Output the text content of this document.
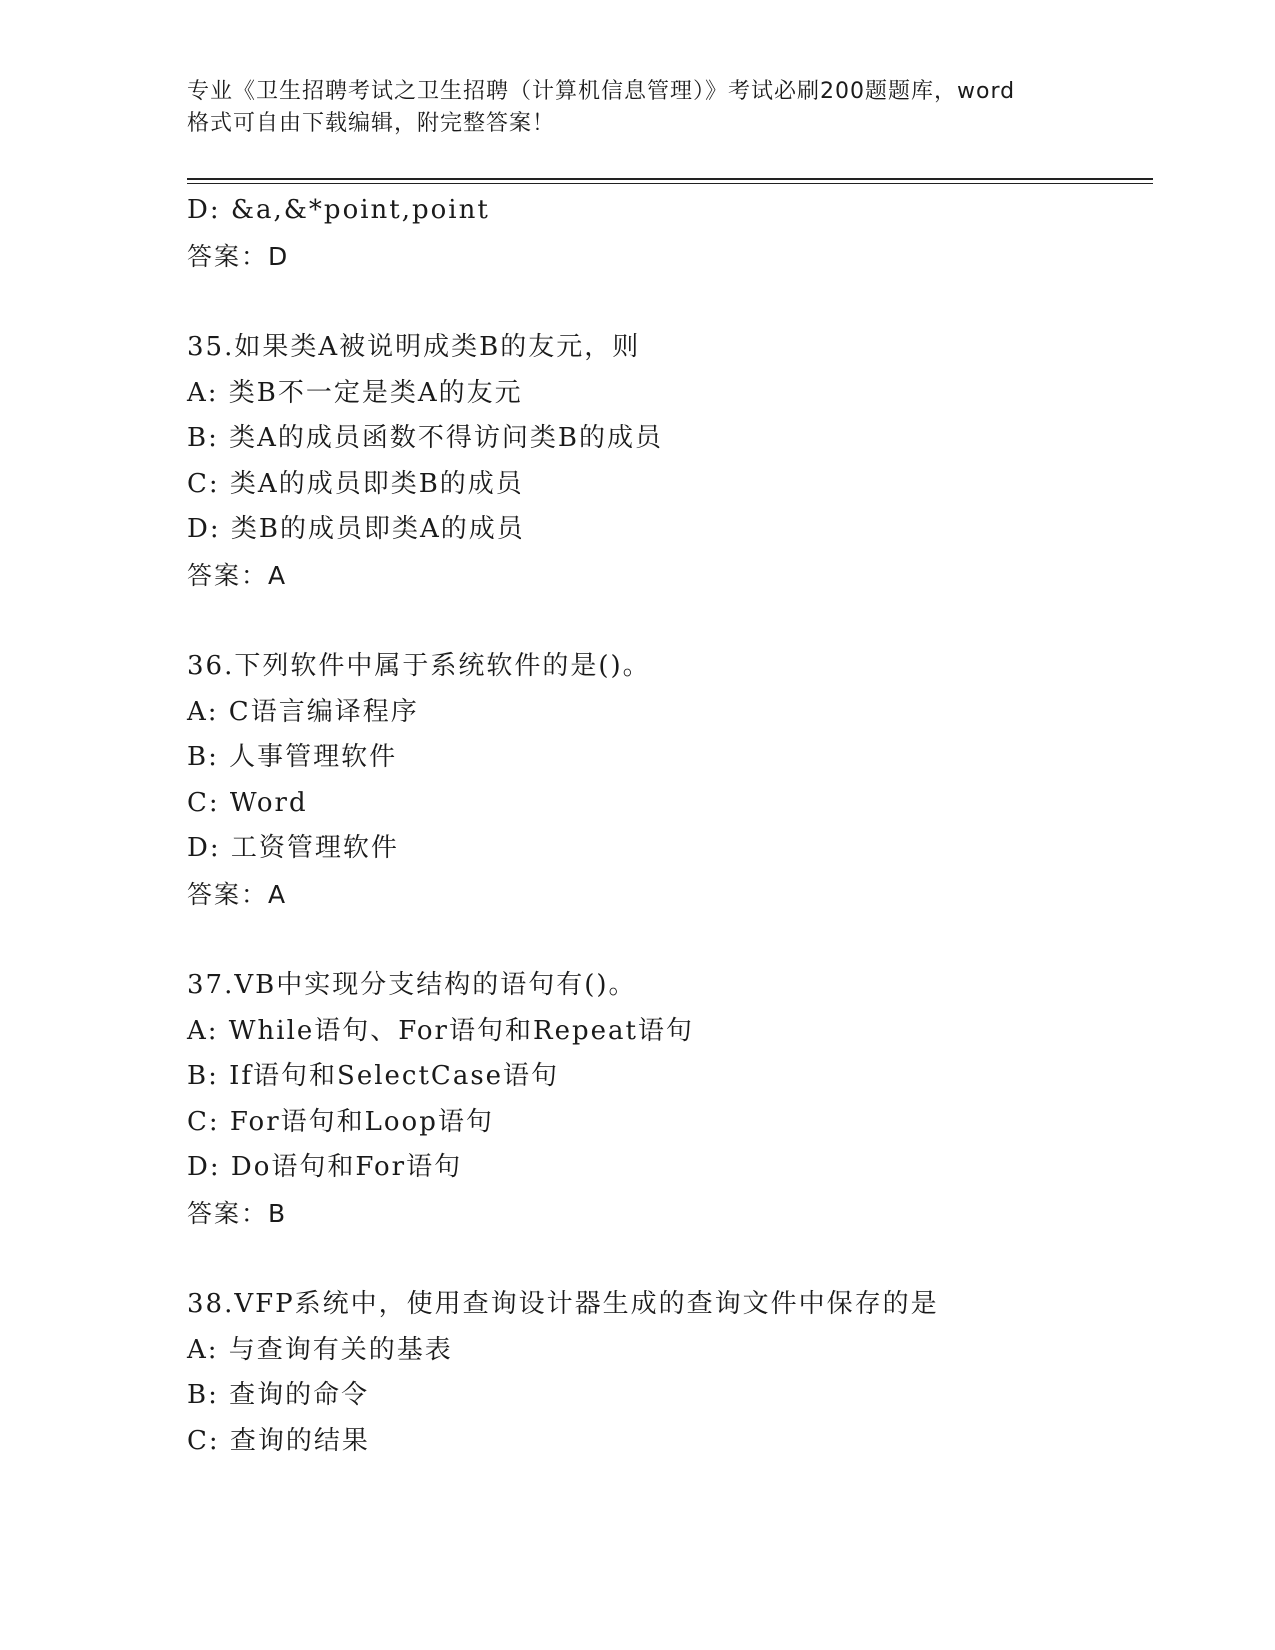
专业《卫生招聘考试之卫生招聘（计算机信息管理）》考试必刷200题题库，word
格式可自由下载编辑，附完整答案！
D: &a,&*point,point
答案：D
35.如果类A被说明成类B的友元，则
A: 类B不一定是类A的友元
B: 类A的成员函数不得访问类B的成员
C: 类A的成员即类B的成员
D: 类B的成员即类A的成员
答案：A
36.下列软件中属于系统软件的是()。
A: C语言编译程序
B: 人事管理软件
C: Word
D: 工资管理软件
答案：A
37.VB中实现分支结构的语句有()。
A: While语句、For语句和Repeat语句
B: If语句和SelectCase语句
C: For语句和Loop语句
D: Do语句和For语句
答案：B
38.VFP系统中，使用查询设计器生成的查询文件中保存的是
A: 与查询有关的基表
B: 查询的命令
C: 查询的结果
